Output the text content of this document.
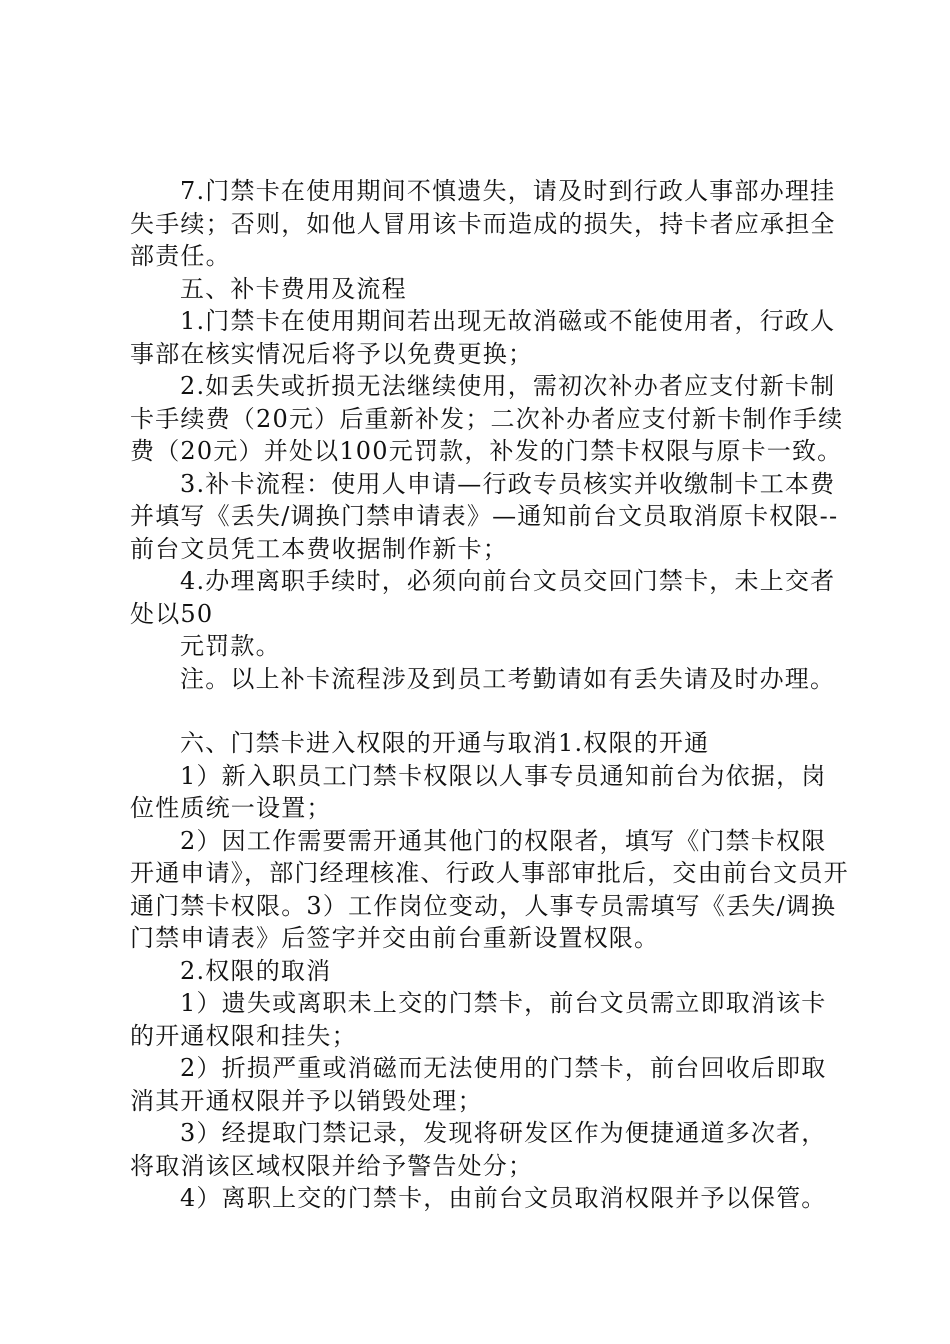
7.门禁卡在使用期间不慎遗失，请及时到行政人事部办理挂失手续；否则，如他人冒用该卡而造成的损失，持卡者应承担全部责任。

五、补卡费用及流程

1.门禁卡在使用期间若出现无故消磁或不能使用者，行政人事部在核实情况后将予以免费更换；

2.如丢失或折损无法继续使用，需初次补办者应支付新卡制卡手续费（20元）后重新补发；二次补办者应支付新卡制作手续费（20元）并处以100元罚款，补发的门禁卡权限与原卡一致。

3.补卡流程：使用人申请—行政专员核实并收缴制卡工本费并填写《丢失/调换门禁申请表》—通知前台文员取消原卡权限--前台文员凭工本费收据制作新卡；

4.办理离职手续时，必须向前台文员交回门禁卡，未上交者处以50

元罚款。

注。以上补卡流程涉及到员工考勤请如有丢失请及时办理。

六、门禁卡进入权限的开通与取消1.权限的开通

1）新入职员工门禁卡权限以人事专员通知前台为依据，岗位性质统一设置；

2）因工作需要需开通其他门的权限者，填写《门禁卡权限开通申请》，部门经理核准、行政人事部审批后，交由前台文员开通门禁卡权限。3）工作岗位变动，人事专员需填写《丢失/调换门禁申请表》后签字并交由前台重新设置权限。

2.权限的取消

1）遗失或离职未上交的门禁卡，前台文员需立即取消该卡的开通权限和挂失；

2）折损严重或消磁而无法使用的门禁卡，前台回收后即取消其开通权限并予以销毁处理；

3）经提取门禁记录，发现将研发区作为便捷通道多次者，将取消该区域权限并给予警告处分；

4）离职上交的门禁卡，由前台文员取消权限并予以保管。
